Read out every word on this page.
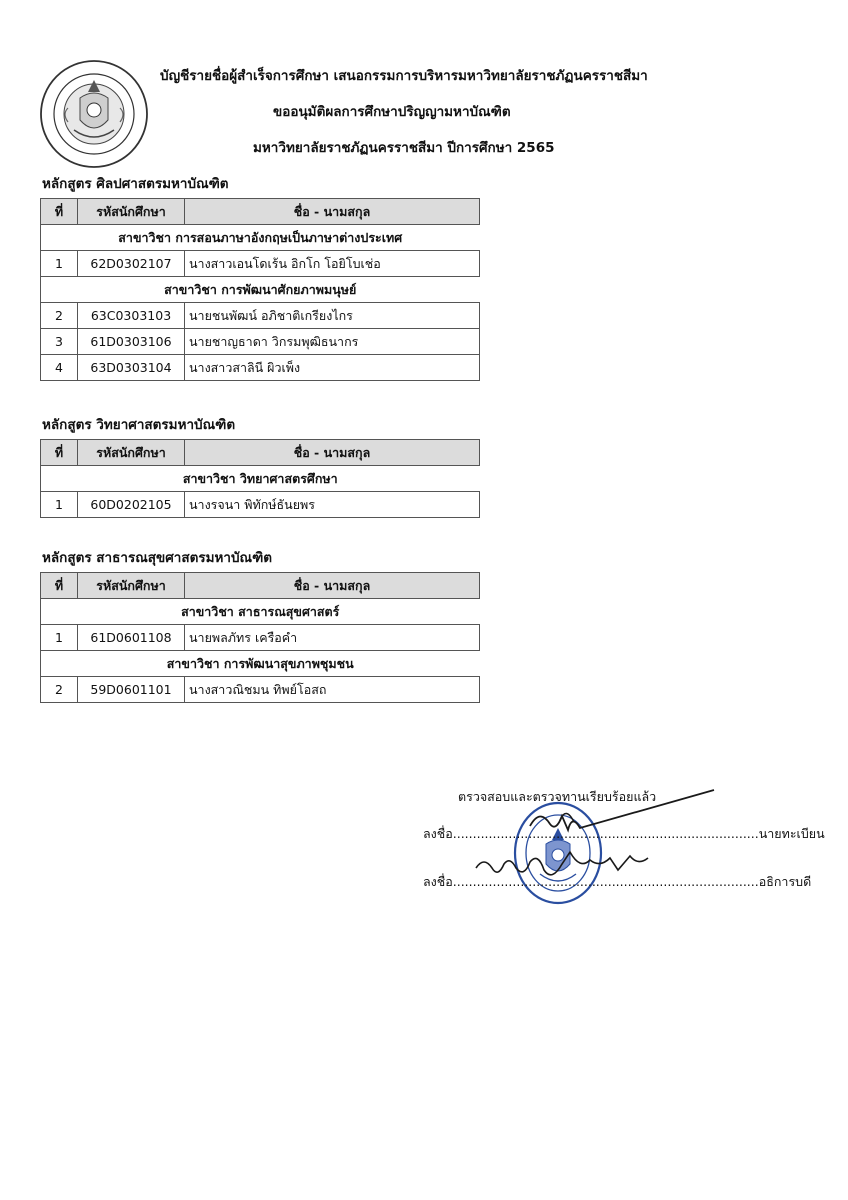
บัญชีรายชื่อผู้สำเร็จการศึกษา เสนอกรรมการบริหารมหาวิทยาลัยราชภัฏนครราชสีมา
ขออนุมัติผลการศึกษาปริญญามหาบัณฑิต
มหาวิทยาลัยราชภัฏนครราชสีมา ปีการศึกษา 2565
หลักสูตร ศิลปศาสตรมหาบัณฑิต
ที่	รหัสนักศึกษา	ชื่อ - นามสกุล
สาขาวิชา การสอนภาษาอังกฤษเป็นภาษาต่างประเทศ		
1	62D0302107	นางสาวเอนโดเร้น อิกโก โอยิโบเช่อ
สาขาวิชา การพัฒนาศักยภาพมนุษย์		
2	63C0303103	นายชนพัฒน์ อภิชาติเกรียงไกร
3	61D0303106	นายชาญธาดา วิกรมพุฒิธนากร
4	63D0303104	นางสาวสาลินี ผิวเพ็ง
หลักสูตร วิทยาศาสตรมหาบัณฑิต
ที่	รหัสนักศึกษา	ชื่อ - นามสกุล
สาขาวิชา วิทยาศาสตรศึกษา		
1	60D0202105	นางรจนา พิทักษ์ธันยพร
หลักสูตร สาธารณสุขศาสตรมหาบัณฑิต
ที่	รหัสนักศึกษา	ชื่อ - นามสกุล
สาขาวิชา สาธารณสุขศาสตร์		
1	61D0601108	นายพลภัทร เครือคำ
สาขาวิชา การพัฒนาสุขภาพชุมชน		
2	59D0601101	นางสาวณิชมน ทิพย์โอสถ
ตรวจสอบและตรวจทานเรียบร้อยแล้ว
ลงชื่อ.............................................................................นายทะเบียน
ลงชื่อ.............................................................................อธิการบดี
